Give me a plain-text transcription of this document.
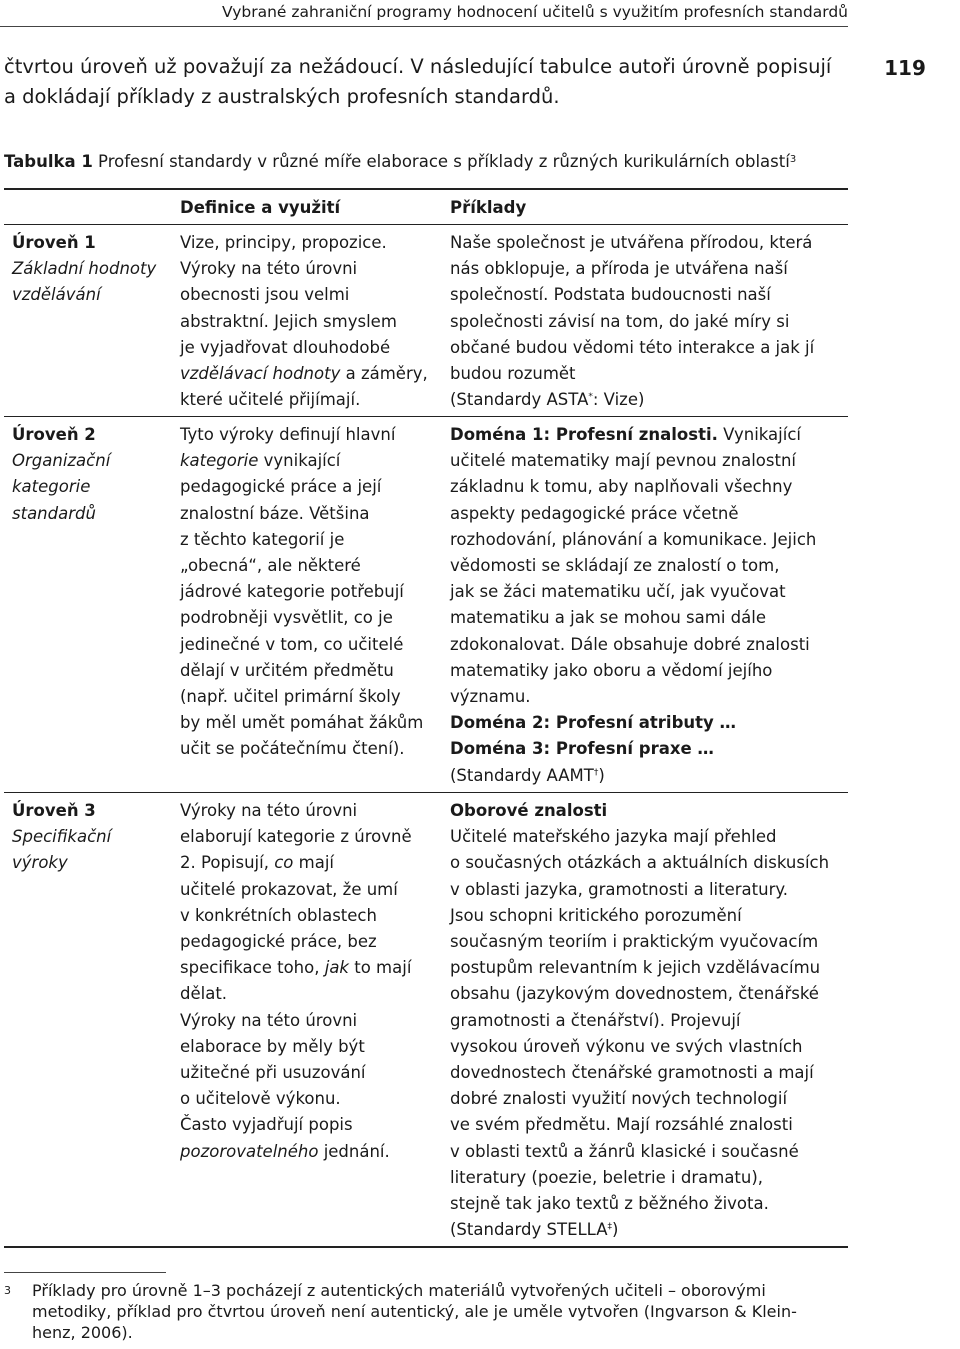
Vybrané zahraniční programy hodnocení učitelů s využitím profesních standardů
čtvrtou úroveň už považují za nežádoucí. V následující tabulce autoři úrovně popisují
a dokládají příklady z australských profesních standardů.
119
Tabulka 1 Profesní standardy v různé míře elaborace s příklady z různých kurikulárních oblastí$^3$
Definice a využití	Příklady
Úroveň 1
Základní hodnoty
vzdělávání
Vize, principy, propozice.
Výroky na této úrovni
obecnosti jsou velmi
abstraktní. Jejich smyslem
je vyjadřovat dlouhodobé
vzdělávací hodnoty a záměry,
které učitelé přijímají.
Naše společnost je utvářena přírodou, která
nás obklopuje, a příroda je utvářena naší
společností. Podstata budoucnosti naší
společnosti závisí na tom, do jaké míry si
občané budou vědomi této interakce a jak jí
budou rozumět
(Standardy ASTA*: Vize)
Úroveň 2
Organizační
kategorie
standardů
Tyto výroky definují hlavní
kategorie vynikající
pedagogické práce a její
znalostní báze. Většina
z těchto kategorií je
„obecná“, ale některé
jádrové kategorie potřebují
podrobněji vysvětlit, co je
jedinečné v tom, co učitelé
dělají v určitém předmětu
(např. učitel primární školy
by měl umět pomáhat žákům
učit se počátečnímu čtení).
Doména 1: Profesní znalosti. Vynikající
učitelé matematiky mají pevnou znalostní
základnu k tomu, aby naplňovali všechny
aspekty pedagogické práce včetně
rozhodování, plánování a komunikace. Jejich
vědomosti se skládají ze znalostí o tom,
jak se žáci matematiku učí, jak vyučovat
matematiku a jak se mohou sami dále
zdokonalovat. Dále obsahuje dobré znalosti
matematiky jako oboru a vědomí jejího
významu.
Doména 2: Profesní atributy …
Doména 3: Profesní praxe …
(Standardy AAMT†)
Úroveň 3
Specifikační
výroky
Výroky na této úrovni
elaborují kategorie z úrovně
2. Popisují, co mají
učitelé prokazovat, že umí
v konkrétních oblastech
pedagogické práce, bez
specifikace toho, jak to mají
dělat.
Výroky na této úrovni
elaborace by měly být
užitečné při usuzování
o učitelově výkonu.
Často vyjadřují popis
pozorovatelného jednání.
Oborové znalosti
Učitelé mateřského jazyka mají přehled
o současných otázkách a aktuálních diskusích
v oblasti jazyka, gramotnosti a literatury.
Jsou schopni kritického porozumění
současným teoriím i praktickým vyučovacím
postupům relevantním k jejich vzdělávacímu
obsahu (jazykovým dovednostem, čtenářské
gramotnosti a čtenářství). Projevují
vysokou úroveň výkonu ve svých vlastních
dovednostech čtenářské gramotnosti a mají
dobré znalosti využití nových technologií
ve svém předmětu. Mají rozsáhlé znalosti
v oblasti textů a žánrů klasické i současné
literatury (poezie, beletrie i dramatu),
stejně tak jako textů z běžného života.
(Standardy STELLA‡)
3	Příklady pro úrovně 1–3 pocházejí z autentických materiálů vytvořených učiteli – oborovými
metodiky, příklad pro čtvrtou úroveň není autentický, ale je uměle vytvořen (Ingvarson & Klein-
henz, 2006).
